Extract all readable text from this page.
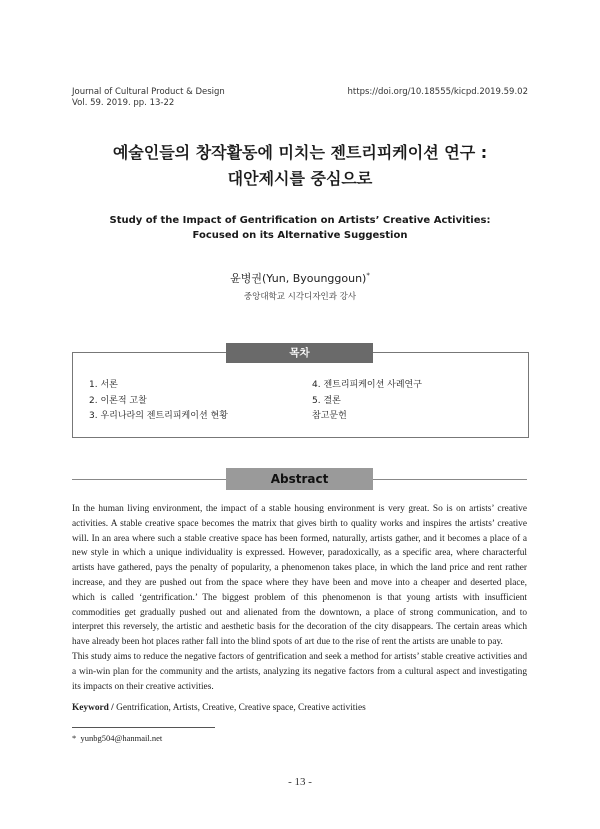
Journal of Cultural Product & Design
Vol. 59. 2019. pp. 13-22
https://doi.org/10.18555/kicpd.2019.59.02
예술인들의 창작활동에 미치는 젠트리피케이션 연구 :
대안제시를 중심으로
Study of the Impact of Gentrification on Artists’ Creative Activities:
Focused on its Alternative Suggestion
윤병권(Yun, Byounggoun)*
중앙대학교 시각디자인과 강사
목차
1. 서론
2. 이론적 고찰
3. 우리나라의 젠트리피케이션 현황
4. 젠트리피케이션 사례연구
5. 결론
참고문헌
Abstract

In the human living environment, the impact of a stable housing environment is very great. So is on artists’ creative activities. A stable creative space becomes the matrix that gives birth to quality works and inspires the artists’ creative will. In an area where such a stable creative space has been formed, naturally, artists gather, and it becomes a place of a new style in which a unique individuality is expressed. However, paradoxically, as a specific area, where characterful artists have gathered, pays the penalty of popularity, a phenomenon takes place, in which the land price and rent rather increase, and they are pushed out from the space where they have been and move into a cheaper and deserted place, which is called ‘gentrification.’ The biggest problem of this phenomenon is that young artists with insufficient commodities get gradually pushed out and alienated from the downtown, a place of strong communication, and to interpret this reversely, the artistic and aesthetic basis for the decoration of the city disappears. The certain areas which have already been hot places rather fall into the blind spots of art due to the rise of rent the artists are unable to pay.

This study aims to reduce the negative factors of gentrification and seek a method for artists’ stable creative activities and a win-win plan for the community and the artists, analyzing its negative factors from a cultural aspect and investigating its impacts on their creative activities.

Keyword / Gentrification, Artists, Creative, Creative space, Creative activities
* yunbg504@hanmail.net
- 13 -
